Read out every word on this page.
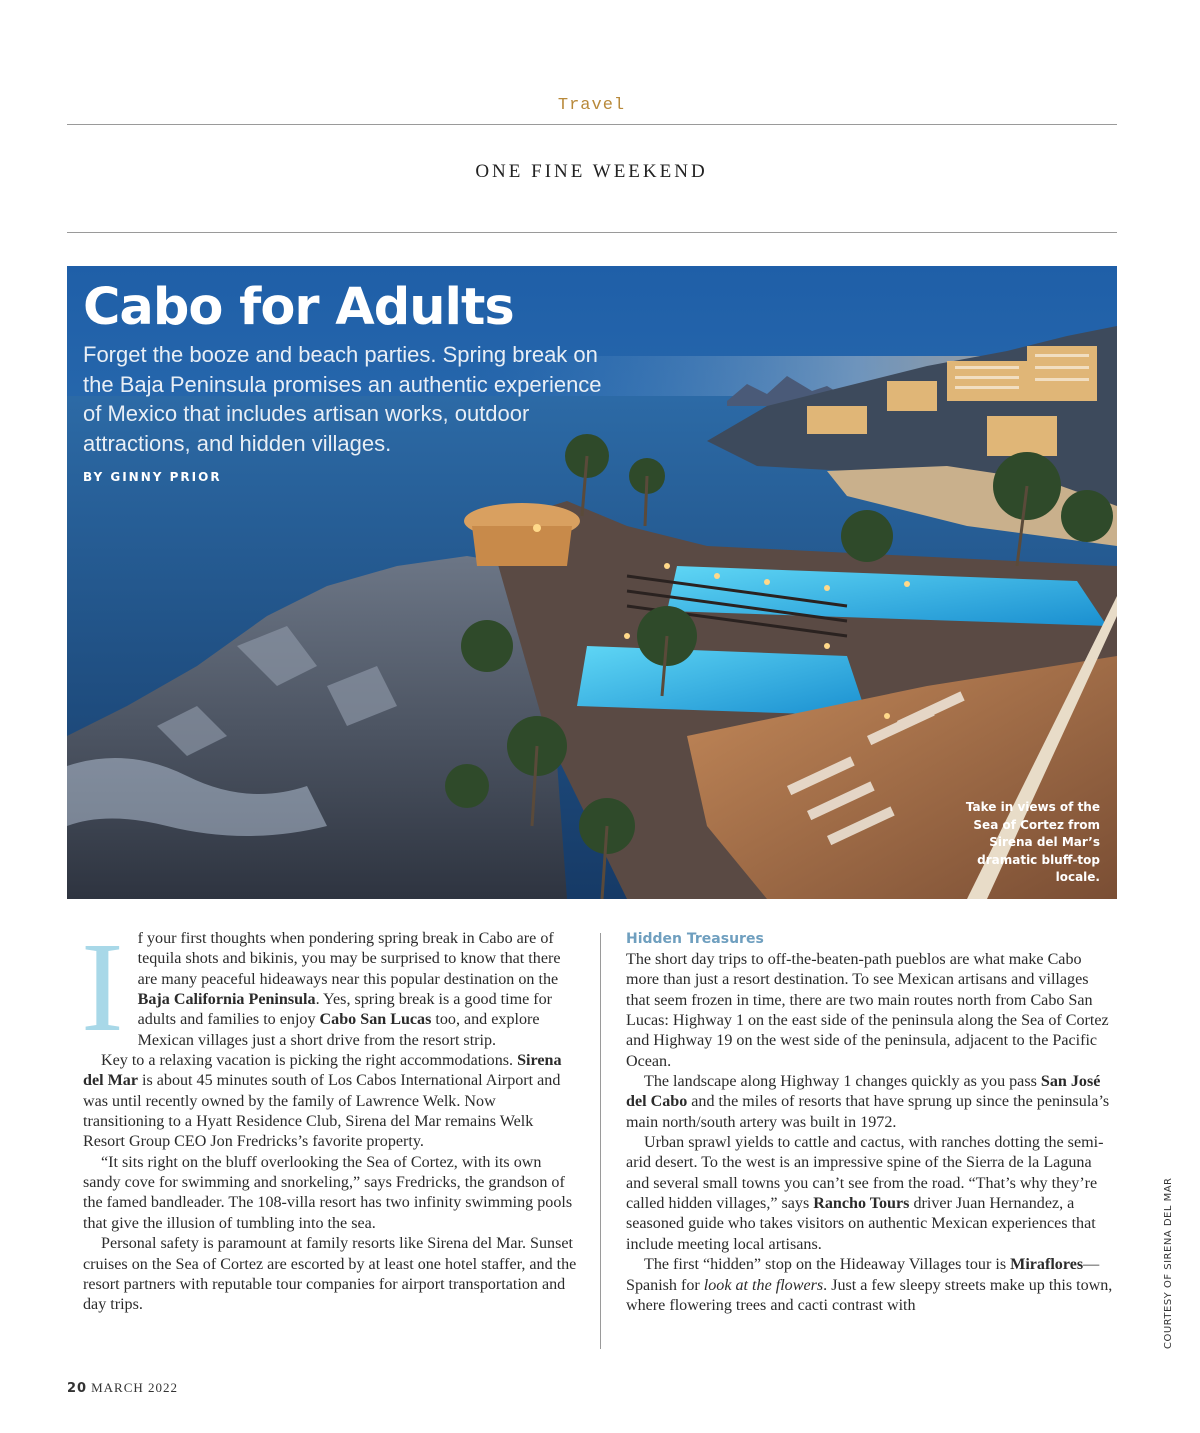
Travel
ONE FINE WEEKEND
Cabo for Adults
Forget the booze and beach parties. Spring break on the Baja Peninsula promises an authentic experience of Mexico that includes artisan works, outdoor attractions, and hidden villages.
BY GINNY PRIOR
Take in views of the Sea of Cortez from Sirena del Mar’s dramatic bluff-top locale.

If your first thoughts when pondering spring break in Cabo are of tequila shots and bikinis, you may be surprised to know that there are many peaceful hideaways near this popular destination on the Baja California Peninsula. Yes, spring break is a good time for adults and families to enjoy Cabo San Lucas too, and explore Mexican villages just a short drive from the resort strip.

Key to a relaxing vacation is picking the right accommodations. Sirena del Mar is about 45 minutes south of Los Cabos International Airport and was until recently owned by the family of Lawrence Welk. Now transitioning to a Hyatt Residence Club, Sirena del Mar remains Welk Resort Group CEO Jon Fredricks’s favorite property.

“It sits right on the bluff overlooking the Sea of Cortez, with its own sandy cove for swimming and snorkeling,” says Fredricks, the grandson of the famed bandleader. The 108-villa resort has two infinity swimming pools that give the illusion of tumbling into the sea.

Personal safety is paramount at family resorts like Sirena del Mar. Sunset cruises on the Sea of Cortez are escorted by at least one hotel staffer, and the resort partners with reputable tour companies for airport transportation and day trips.

Hidden Treasures

The short day trips to off-the-beaten-path pueblos are what make Cabo more than just a resort destination. To see Mexican artisans and villages that seem frozen in time, there are two main routes north from Cabo San Lucas: Highway 1 on the east side of the peninsula along the Sea of Cortez and Highway 19 on the west side of the peninsula, adjacent to the Pacific Ocean.

The landscape along Highway 1 changes quickly as you pass San José del Cabo and the miles of resorts that have sprung up since the peninsula’s main north/south artery was built in 1972.

Urban sprawl yields to cattle and cactus, with ranches dotting the semi-arid desert. To the west is an impressive spine of the Sierra de la Laguna and several small towns you can’t see from the road. “That’s why they’re called hidden villages,” says Rancho Tours driver Juan Hernandez, a seasoned guide who takes visitors on authentic Mexican experiences that include meeting local artisans.

The first “hidden” stop on the Hideaway Villages tour is Miraflores—Spanish for look at the flowers. Just a few sleepy streets make up this town, where flowering trees and cacti contrast with	COURTESY OF SIRENA DEL MAR
20 MARCH 2022
